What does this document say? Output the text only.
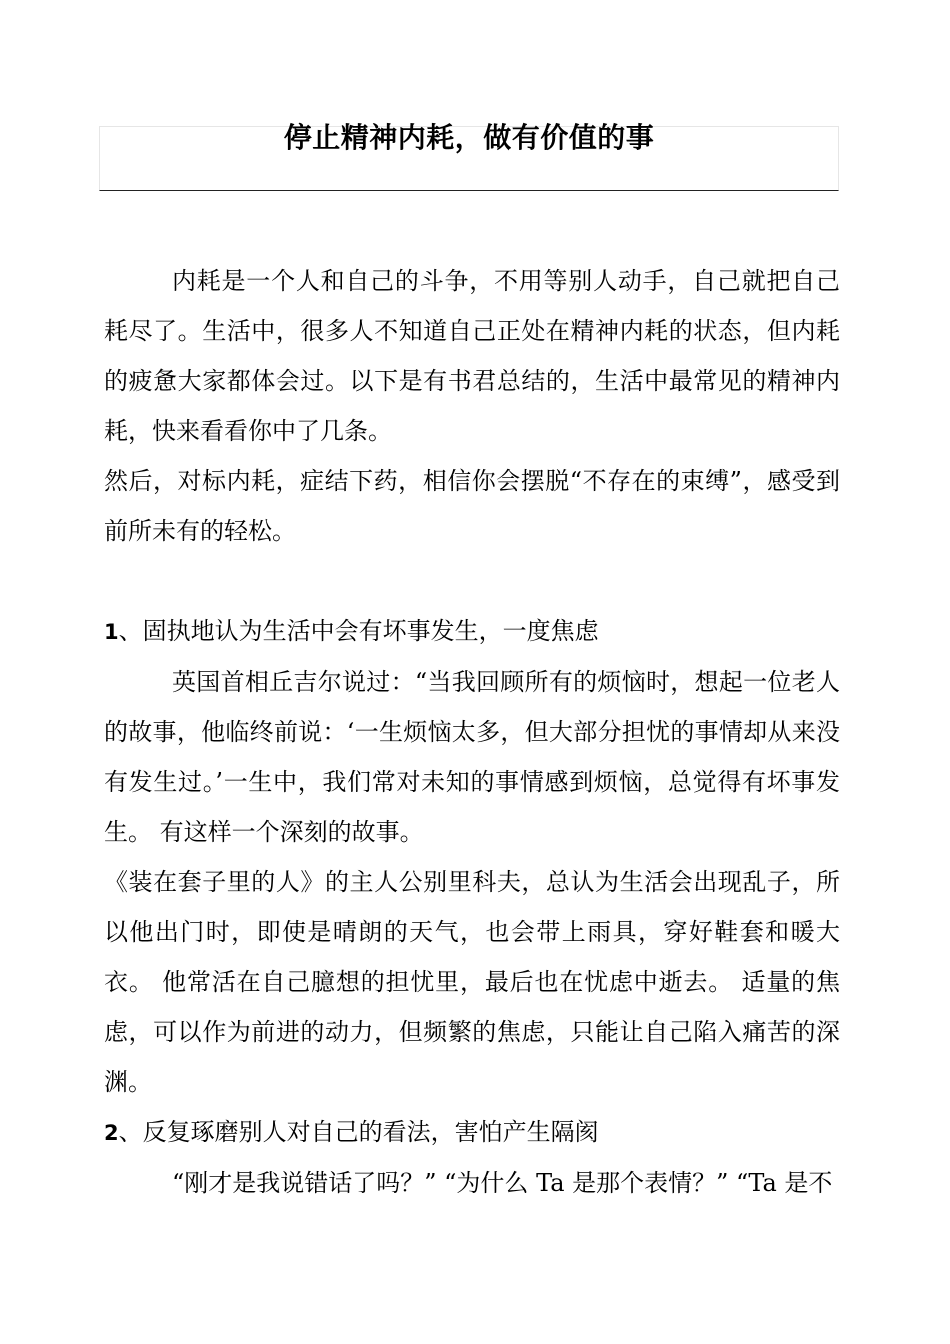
停止精神内耗，做有价值的事

内耗是一个人和自己的斗争，不用等别人动手，自己就把自己耗尽了。生活中，很多人不知道自己正处在精神内耗的状态，但内耗的疲惫大家都体会过。以下是有书君总结的，生活中最常见的精神内耗，快来看看你中了几条。

然后，对标内耗，症结下药，相信你会摆脱“不存在的束缚”，感受到前所未有的轻松。

1、固执地认为生活中会有坏事发生，一度焦虑

英国首相丘吉尔说过：“当我回顾所有的烦恼时，想起一位老人的故事，他临终前说：‘一生烦恼太多，但大部分担忧的事情却从来没有发生过。’一生中，我们常对未知的事情感到烦恼，总觉得有坏事发生。 有这样一个深刻的故事。

《装在套子里的人》的主人公别里科夫，总认为生活会出现乱子，所以他出门时，即使是晴朗的天气，也会带上雨具，穿好鞋套和暖大衣。 他常活在自己臆想的担忧里，最后也在忧虑中逝去。 适量的焦虑，可以作为前进的动力，但频繁的焦虑，只能让自己陷入痛苦的深渊。

2、反复琢磨别人对自己的看法，害怕产生隔阂

“刚才是我说错话了吗？” “为什么 Ta 是那个表情？” “Ta 是不
